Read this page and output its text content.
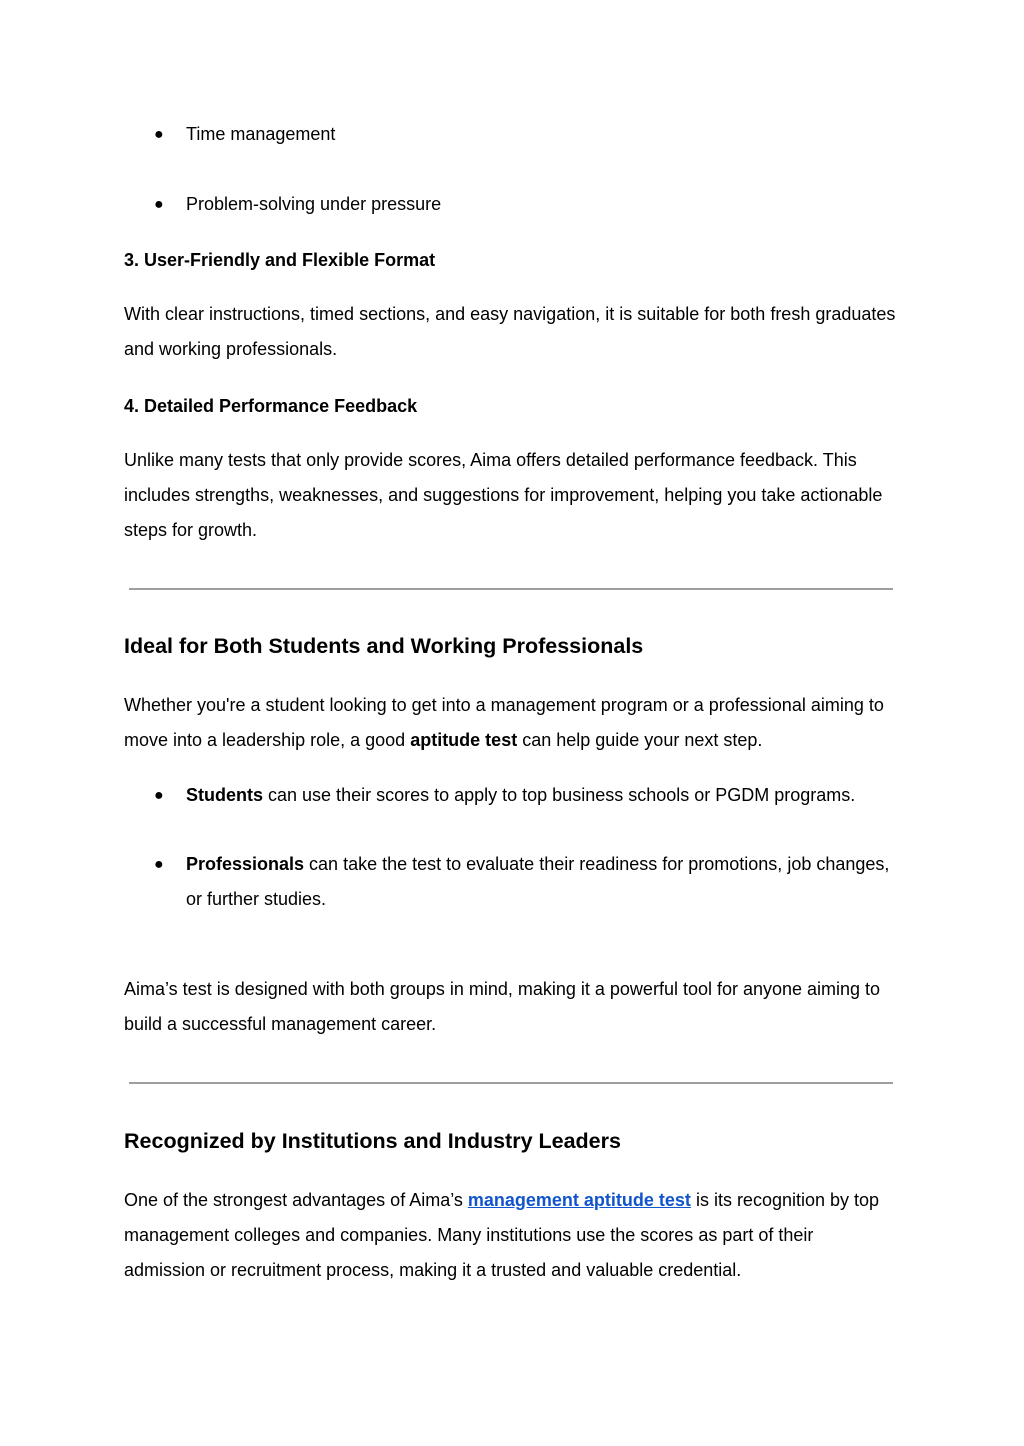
● Time management
● Problem-solving under pressure
3. User-Friendly and Flexible Format
With clear instructions, timed sections, and easy navigation, it is suitable for both fresh graduates and working professionals.
4. Detailed Performance Feedback
Unlike many tests that only provide scores, Aima offers detailed performance feedback. This includes strengths, weaknesses, and suggestions for improvement, helping you take actionable steps for growth.
Ideal for Both Students and Working Professionals
Whether you're a student looking to get into a management program or a professional aiming to move into a leadership role, a good aptitude test can help guide your next step.
● Students can use their scores to apply to top business schools or PGDM programs.
● Professionals can take the test to evaluate their readiness for promotions, job changes, or further studies.
Aima’s test is designed with both groups in mind, making it a powerful tool for anyone aiming to build a successful management career.
Recognized by Institutions and Industry Leaders
One of the strongest advantages of Aima’s management aptitude test is its recognition by top management colleges and companies. Many institutions use the scores as part of their admission or recruitment process, making it a trusted and valuable credential.
